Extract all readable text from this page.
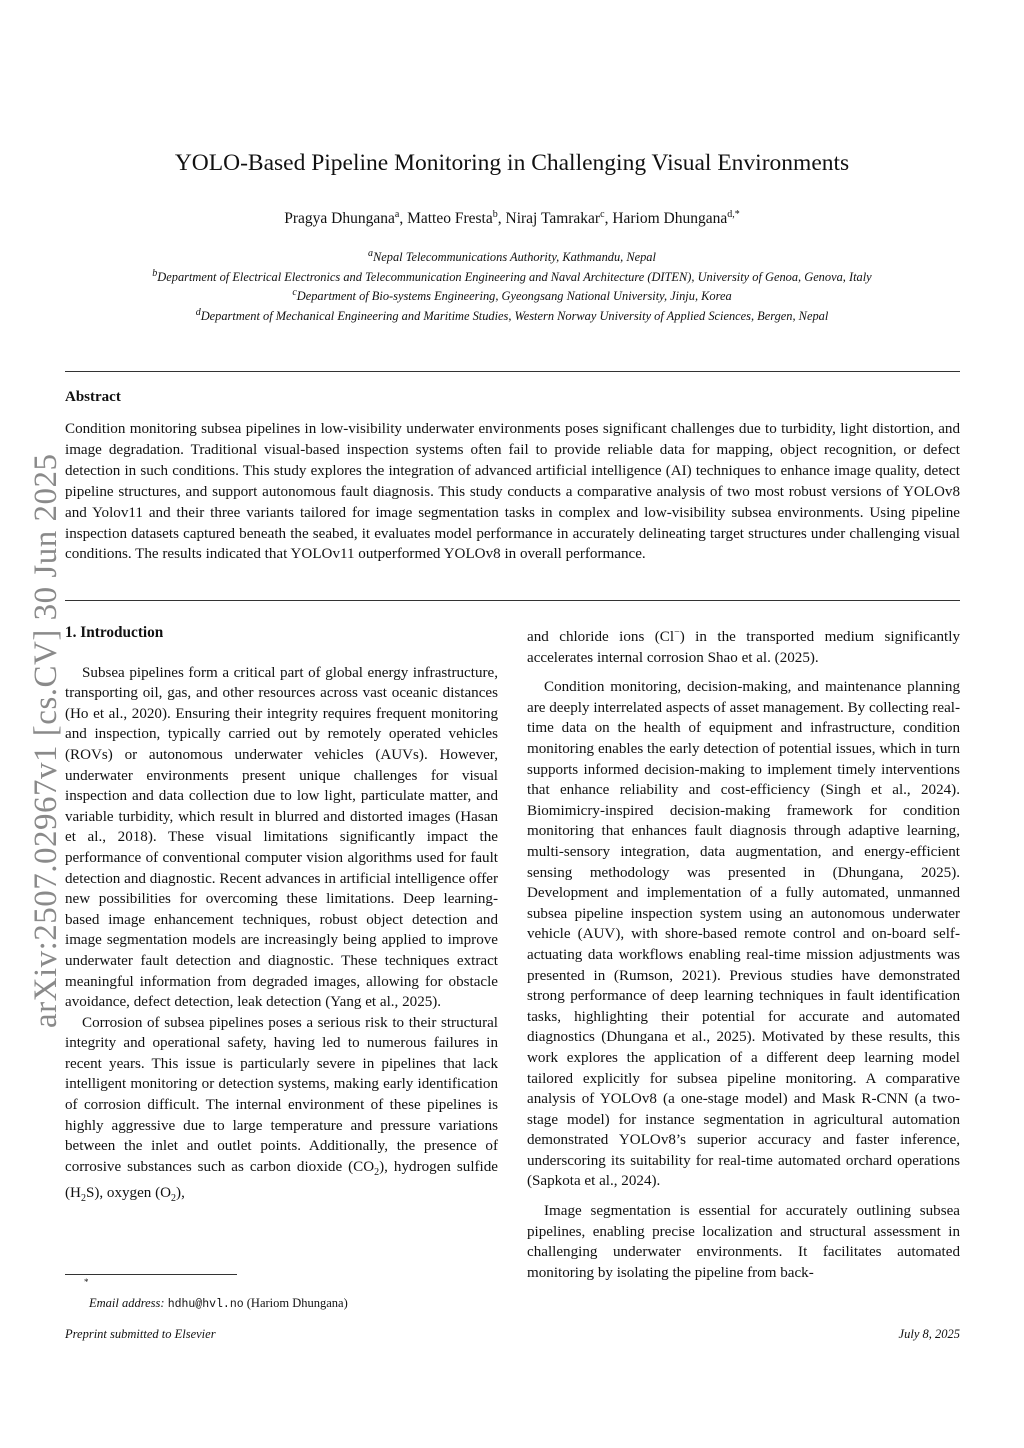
arXiv:2507.02967v1 [cs.CV] 30 Jun 2025
YOLO-Based Pipeline Monitoring in Challenging Visual Environments
Pragya Dhungana$^a$, Matteo Fresta$^b$, Niraj Tamrakar$^c$, Hariom Dhungana$^{d,*}$
$^a$Nepal Telecommunications Authority, Kathmandu, Nepal
$^b$Department of Electrical Electronics and Telecommunication Engineering and Naval Architecture (DITEN), University of Genoa, Genova, Italy
$^c$Department of Bio-systems Engineering, Gyeongsang National University, Jinju, Korea
$^d$Department of Mechanical Engineering and Maritime Studies, Western Norway University of Applied Sciences, Bergen, Nepal
Abstract
Condition monitoring subsea pipelines in low-visibility underwater environments poses significant challenges due to turbidity, light distortion, and image degradation. Traditional visual-based inspection systems often fail to provide reliable data for mapping, object recognition, or defect detection in such conditions. This study explores the integration of advanced artificial intelligence (AI) techniques to enhance image quality, detect pipeline structures, and support autonomous fault diagnosis. This study conducts a comparative analysis of two most robust versions of YOLOv8 and Yolov11 and their three variants tailored for image segmentation tasks in complex and low-visibility subsea environments. Using pipeline inspection datasets captured beneath the seabed, it evaluates model performance in accurately delineating target structures under challenging visual conditions. The results indicated that YOLOv11 outperformed YOLOv8 in overall performance.
1. Introduction

Subsea pipelines form a critical part of global energy infrastructure, transporting oil, gas, and other resources across vast oceanic distances (Ho et al., 2020). Ensuring their integrity requires frequent monitoring and inspection, typically carried out by remotely operated vehicles (ROVs) or autonomous underwater vehicles (AUVs). However, underwater environments present unique challenges for visual inspection and data collection due to low light, particulate matter, and variable turbidity, which result in blurred and distorted images (Hasan et al., 2018). These visual limitations significantly impact the performance of conventional computer vision algorithms used for fault detection and diagnostic. Recent advances in artificial intelligence offer new possibilities for overcoming these limitations. Deep learning-based image enhancement techniques, robust object detection and image segmentation models are increasingly being applied to improve underwater fault detection and diagnostic. These techniques extract meaningful information from degraded images, allowing for obstacle avoidance, defect detection, leak detection (Yang et al., 2025).

Corrosion of subsea pipelines poses a serious risk to their structural integrity and operational safety, having led to numerous failures in recent years. This issue is particularly severe in pipelines that lack intelligent monitoring or detection systems, making early identification of corrosion difficult. The internal environment of these pipelines is highly aggressive due to large temperature and pressure variations between the inlet and outlet points. Additionally, the presence of corrosive substances such as carbon dioxide $(CO_2)$, hydrogen sulfide $(H_2S)$, oxygen $(O_2)$,

and chloride ions (Cl−) in the transported medium significantly accelerates internal corrosion Shao et al. (2025).

Condition monitoring, decision-making, and maintenance planning are deeply interrelated aspects of asset management. By collecting real-time data on the health of equipment and infrastructure, condition monitoring enables the early detection of potential issues, which in turn supports informed decision-making to implement timely interventions that enhance reliability and cost-efficiency (Singh et al., 2024). Biomimicry-inspired decision-making framework for condition monitoring that enhances fault diagnosis through adaptive learning, multi-sensory integration, data augmentation, and energy-efficient sensing methodology was presented in (Dhungana, 2025). Development and implementation of a fully automated, unmanned subsea pipeline inspection system using an autonomous underwater vehicle (AUV), with shore-based remote control and on-board self-actuating data workflows enabling real-time mission adjustments was presented in (Rumson, 2021). Previous studies have demonstrated strong performance of deep learning techniques in fault identification tasks, highlighting their potential for accurate and automated diagnostics (Dhungana et al., 2025). Motivated by these results, this work explores the application of a different deep learning model tailored explicitly for subsea pipeline monitoring. A comparative analysis of YOLOv8 (a one-stage model) and Mask R-CNN (a two-stage model) for instance segmentation in agricultural automation demonstrated YOLOv8’s superior accuracy and faster inference, underscoring its suitability for real-time automated orchard operations (Sapkota et al., 2024).

Image segmentation is essential for accurately outlining subsea pipelines, enabling precise localization and structural assessment in challenging underwater environments. It facilitates automated monitoring by isolating the pipeline from back-

*
Email address: hdhu@hvl.no (Hariom Dhungana)
Preprint submitted to Elsevier	July 8, 2025
